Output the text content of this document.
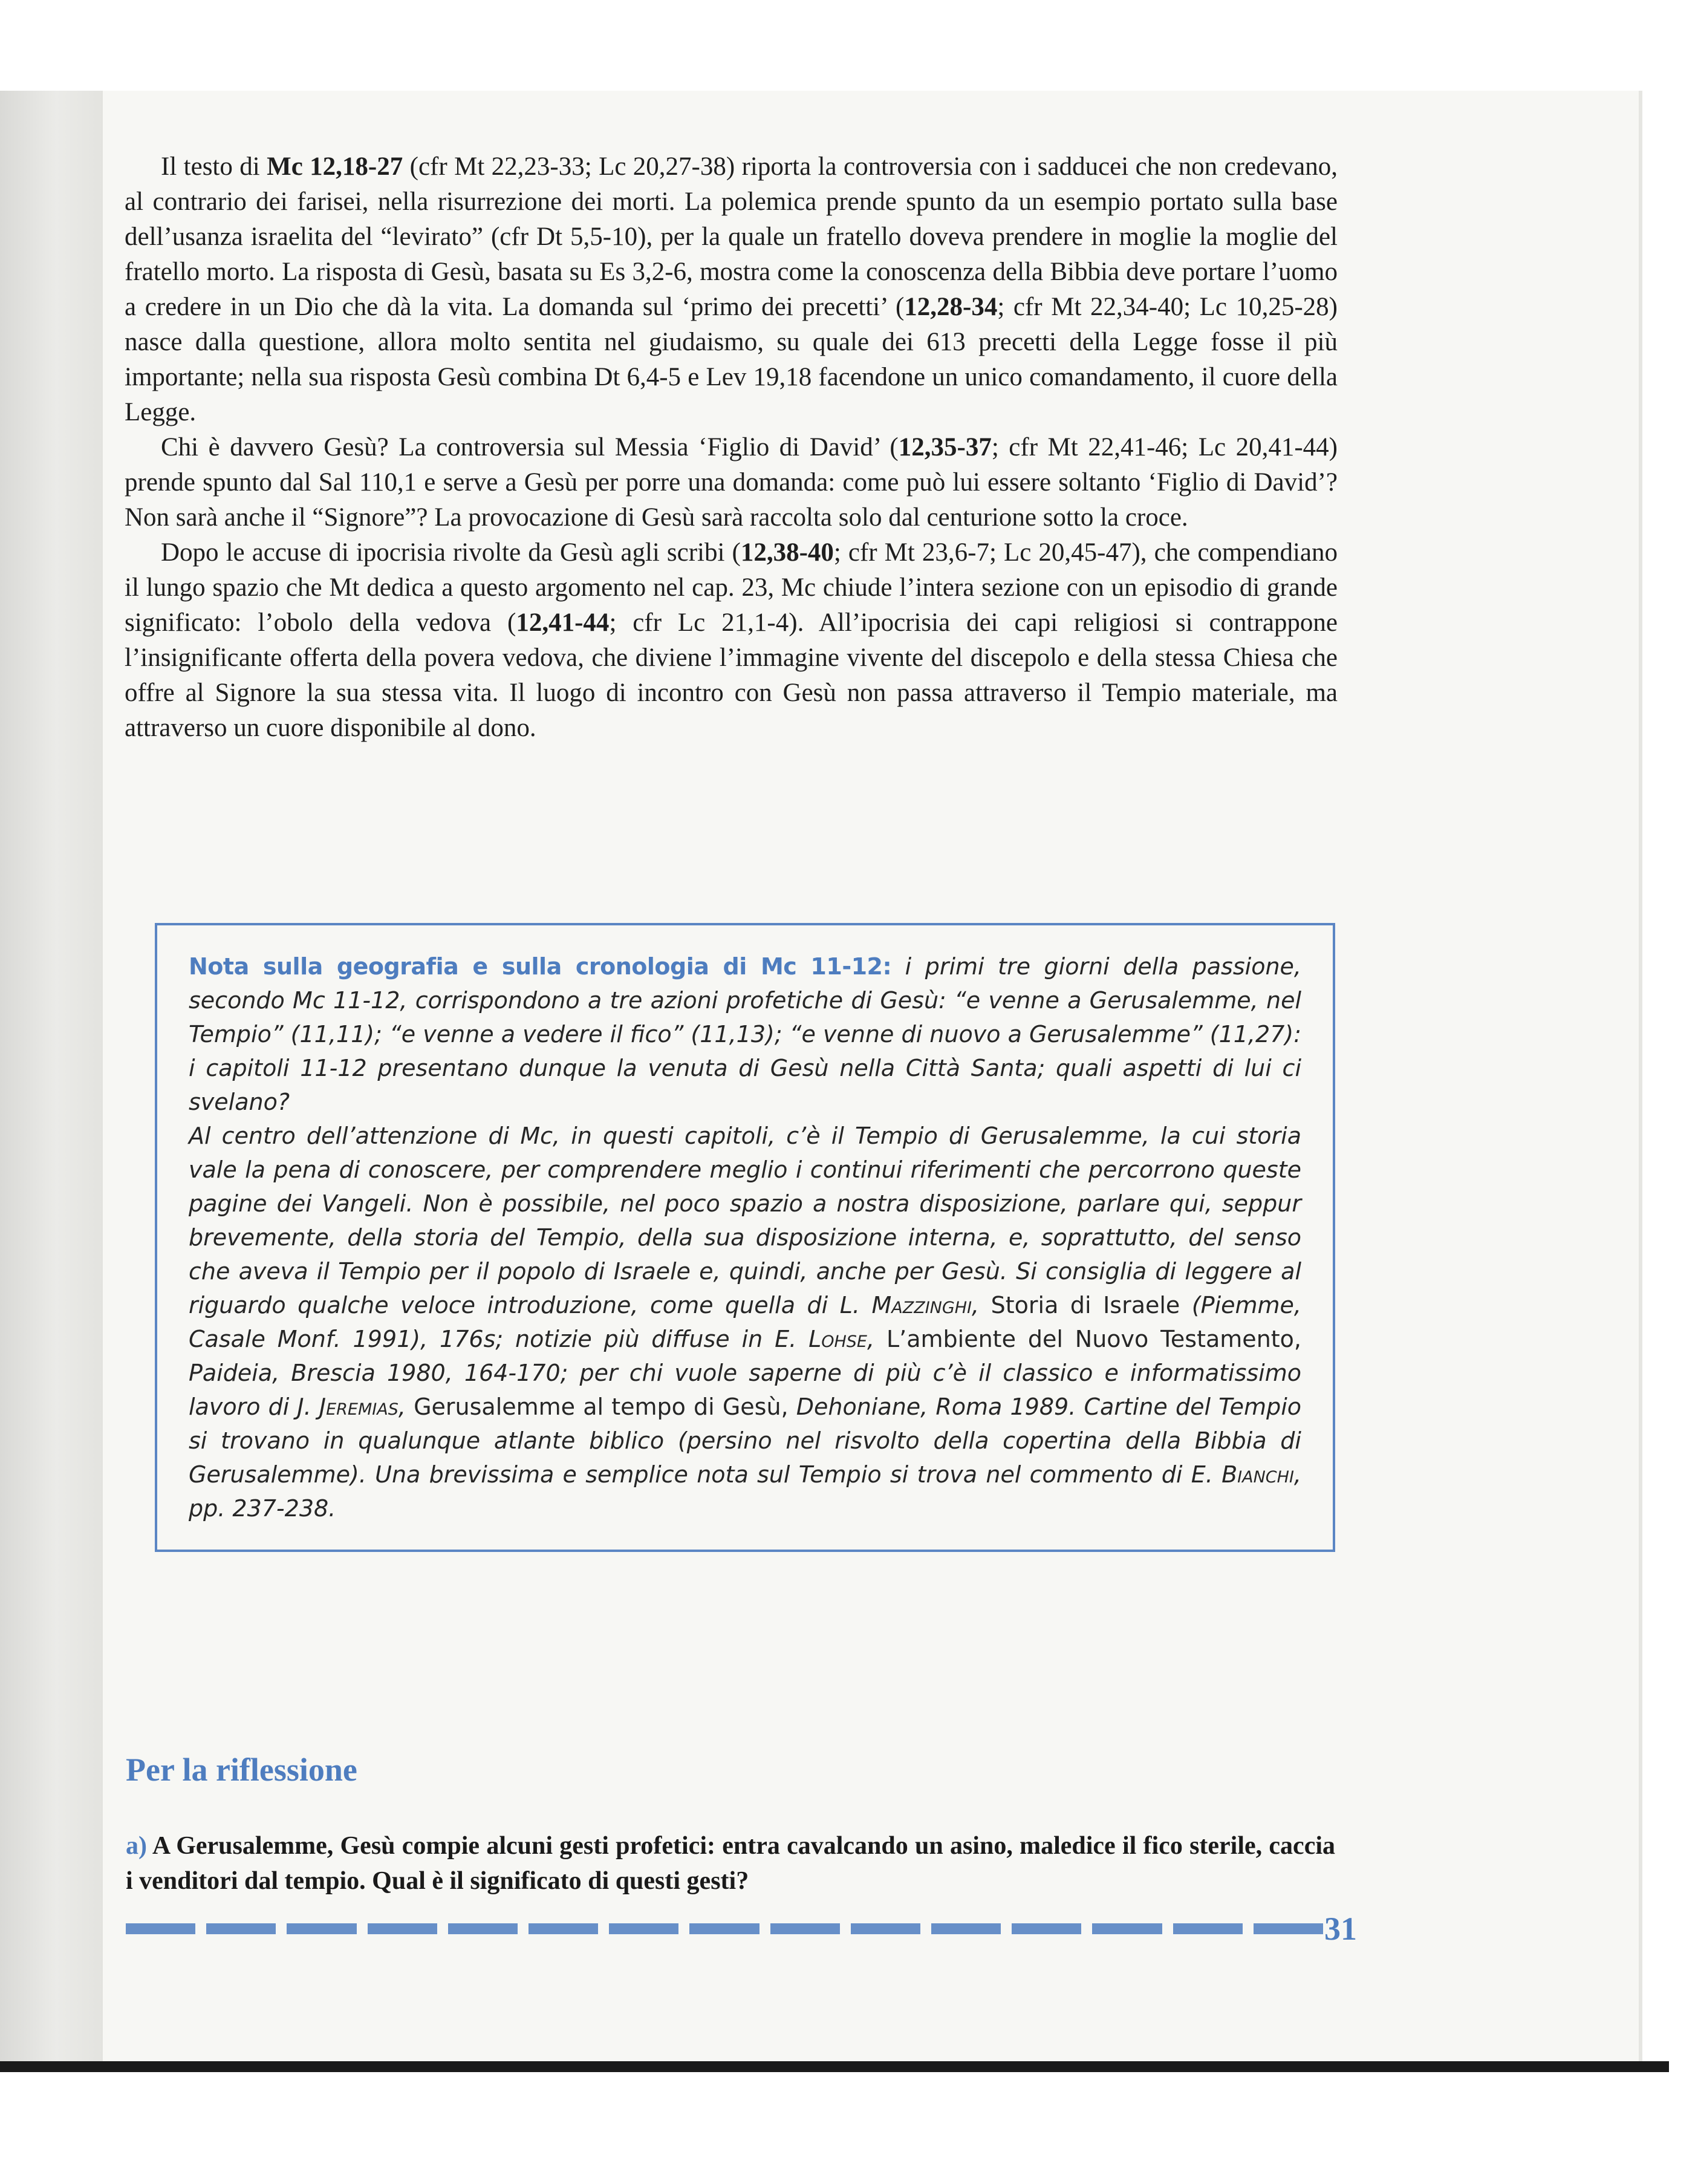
Il testo di Mc 12,18-27 (cfr Mt 22,23-33; Lc 20,27-38) riporta la controversia con i sadducei che non credevano, al contrario dei farisei, nella risurrezione dei morti. La polemica prende spunto da un esempio portato sulla base dell’usanza israelita del “levirato” (cfr Dt 5,5-10), per la quale un fratello doveva prendere in moglie la moglie del fratello morto. La risposta di Gesù, basata su Es 3,2-6, mostra come la conoscenza della Bibbia deve portare l’uomo a credere in un Dio che dà la vita. La domanda sul ‘primo dei precetti’ (12,28-34; cfr Mt 22,34-40; Lc 10,25-28) nasce dalla questione, allora molto sentita nel giudaismo, su quale dei 613 precetti della Legge fosse il più importante; nella sua risposta Gesù combina Dt 6,4-5 e Lev 19,18 facendone un unico comandamento, il cuore della Legge.

Chi è davvero Gesù? La controversia sul Messia ‘Figlio di David’ (12,35-37; cfr Mt 22,41-46; Lc 20,41-44) prende spunto dal Sal 110,1 e serve a Gesù per porre una domanda: come può lui essere soltanto ‘Figlio di David’? Non sarà anche il “Signore”? La provocazione di Gesù sarà raccolta solo dal centurione sotto la croce.

Dopo le accuse di ipocrisia rivolte da Gesù agli scribi (12,38-40; cfr Mt 23,6-7; Lc 20,45-47), che compendiano il lungo spazio che Mt dedica a questo argomento nel cap. 23, Mc chiude l’intera sezione con un episodio di grande significato: l’obolo della vedova (12,41-44; cfr Lc 21,1-4). All’ipocrisia dei capi religiosi si contrappone l’insignificante offerta della povera vedova, che diviene l’immagine vivente del discepolo e della stessa Chiesa che offre al Signore la sua stessa vita. Il luogo di incontro con Gesù non passa attraverso il Tempio materiale, ma attraverso un cuore disponibile al dono.

Nota sulla geografia e sulla cronologia di Mc 11-12: i primi tre giorni della passione, secondo Mc 11-12, corrispondono a tre azioni profetiche di Gesù: “e venne a Gerusalemme, nel Tempio” (11,11); “e venne a vedere il fico” (11,13); “e venne di nuovo a Gerusalemme” (11,27): i capitoli 11-12 presentano dunque la venuta di Gesù nella Città Santa; quali aspetti di lui ci svelano?

Al centro dell’attenzione di Mc, in questi capitoli, c’è il Tempio di Gerusalemme, la cui storia vale la pena di conoscere, per comprendere meglio i continui riferimenti che percorrono queste pagine dei Vangeli. Non è possibile, nel poco spazio a nostra disposizione, parlare qui, seppur brevemente, della storia del Tempio, della sua disposizione interna, e, soprattutto, del senso che aveva il Tempio per il popolo di Israele e, quindi, anche per Gesù. Si consiglia di leggere al riguardo qualche veloce introduzione, come quella di L. Mazzinghi, Storia di Israele (Piemme, Casale Monf. 1991), 176s; notizie più diffuse in E. Lohse, L’ambiente del Nuovo Testamento, Paideia, Brescia 1980, 164-170; per chi vuole saperne di più c’è il classico e informatissimo lavoro di J. Jeremias, Gerusalemme al tempo di Gesù, Dehoniane, Roma 1989. Cartine del Tempio si trovano in qualunque atlante biblico (persino nel risvolto della copertina della Bibbia di Gerusalemme). Una brevissima e semplice nota sul Tempio si trova nel commento di E. Bianchi, pp. 237-238.

Per la riflessione
a) A Gerusalemme, Gesù compie alcuni gesti profetici: entra cavalcando un asino, maledice il fico sterile, caccia i venditori dal tempio. Qual è il significato di questi gesti?
31
